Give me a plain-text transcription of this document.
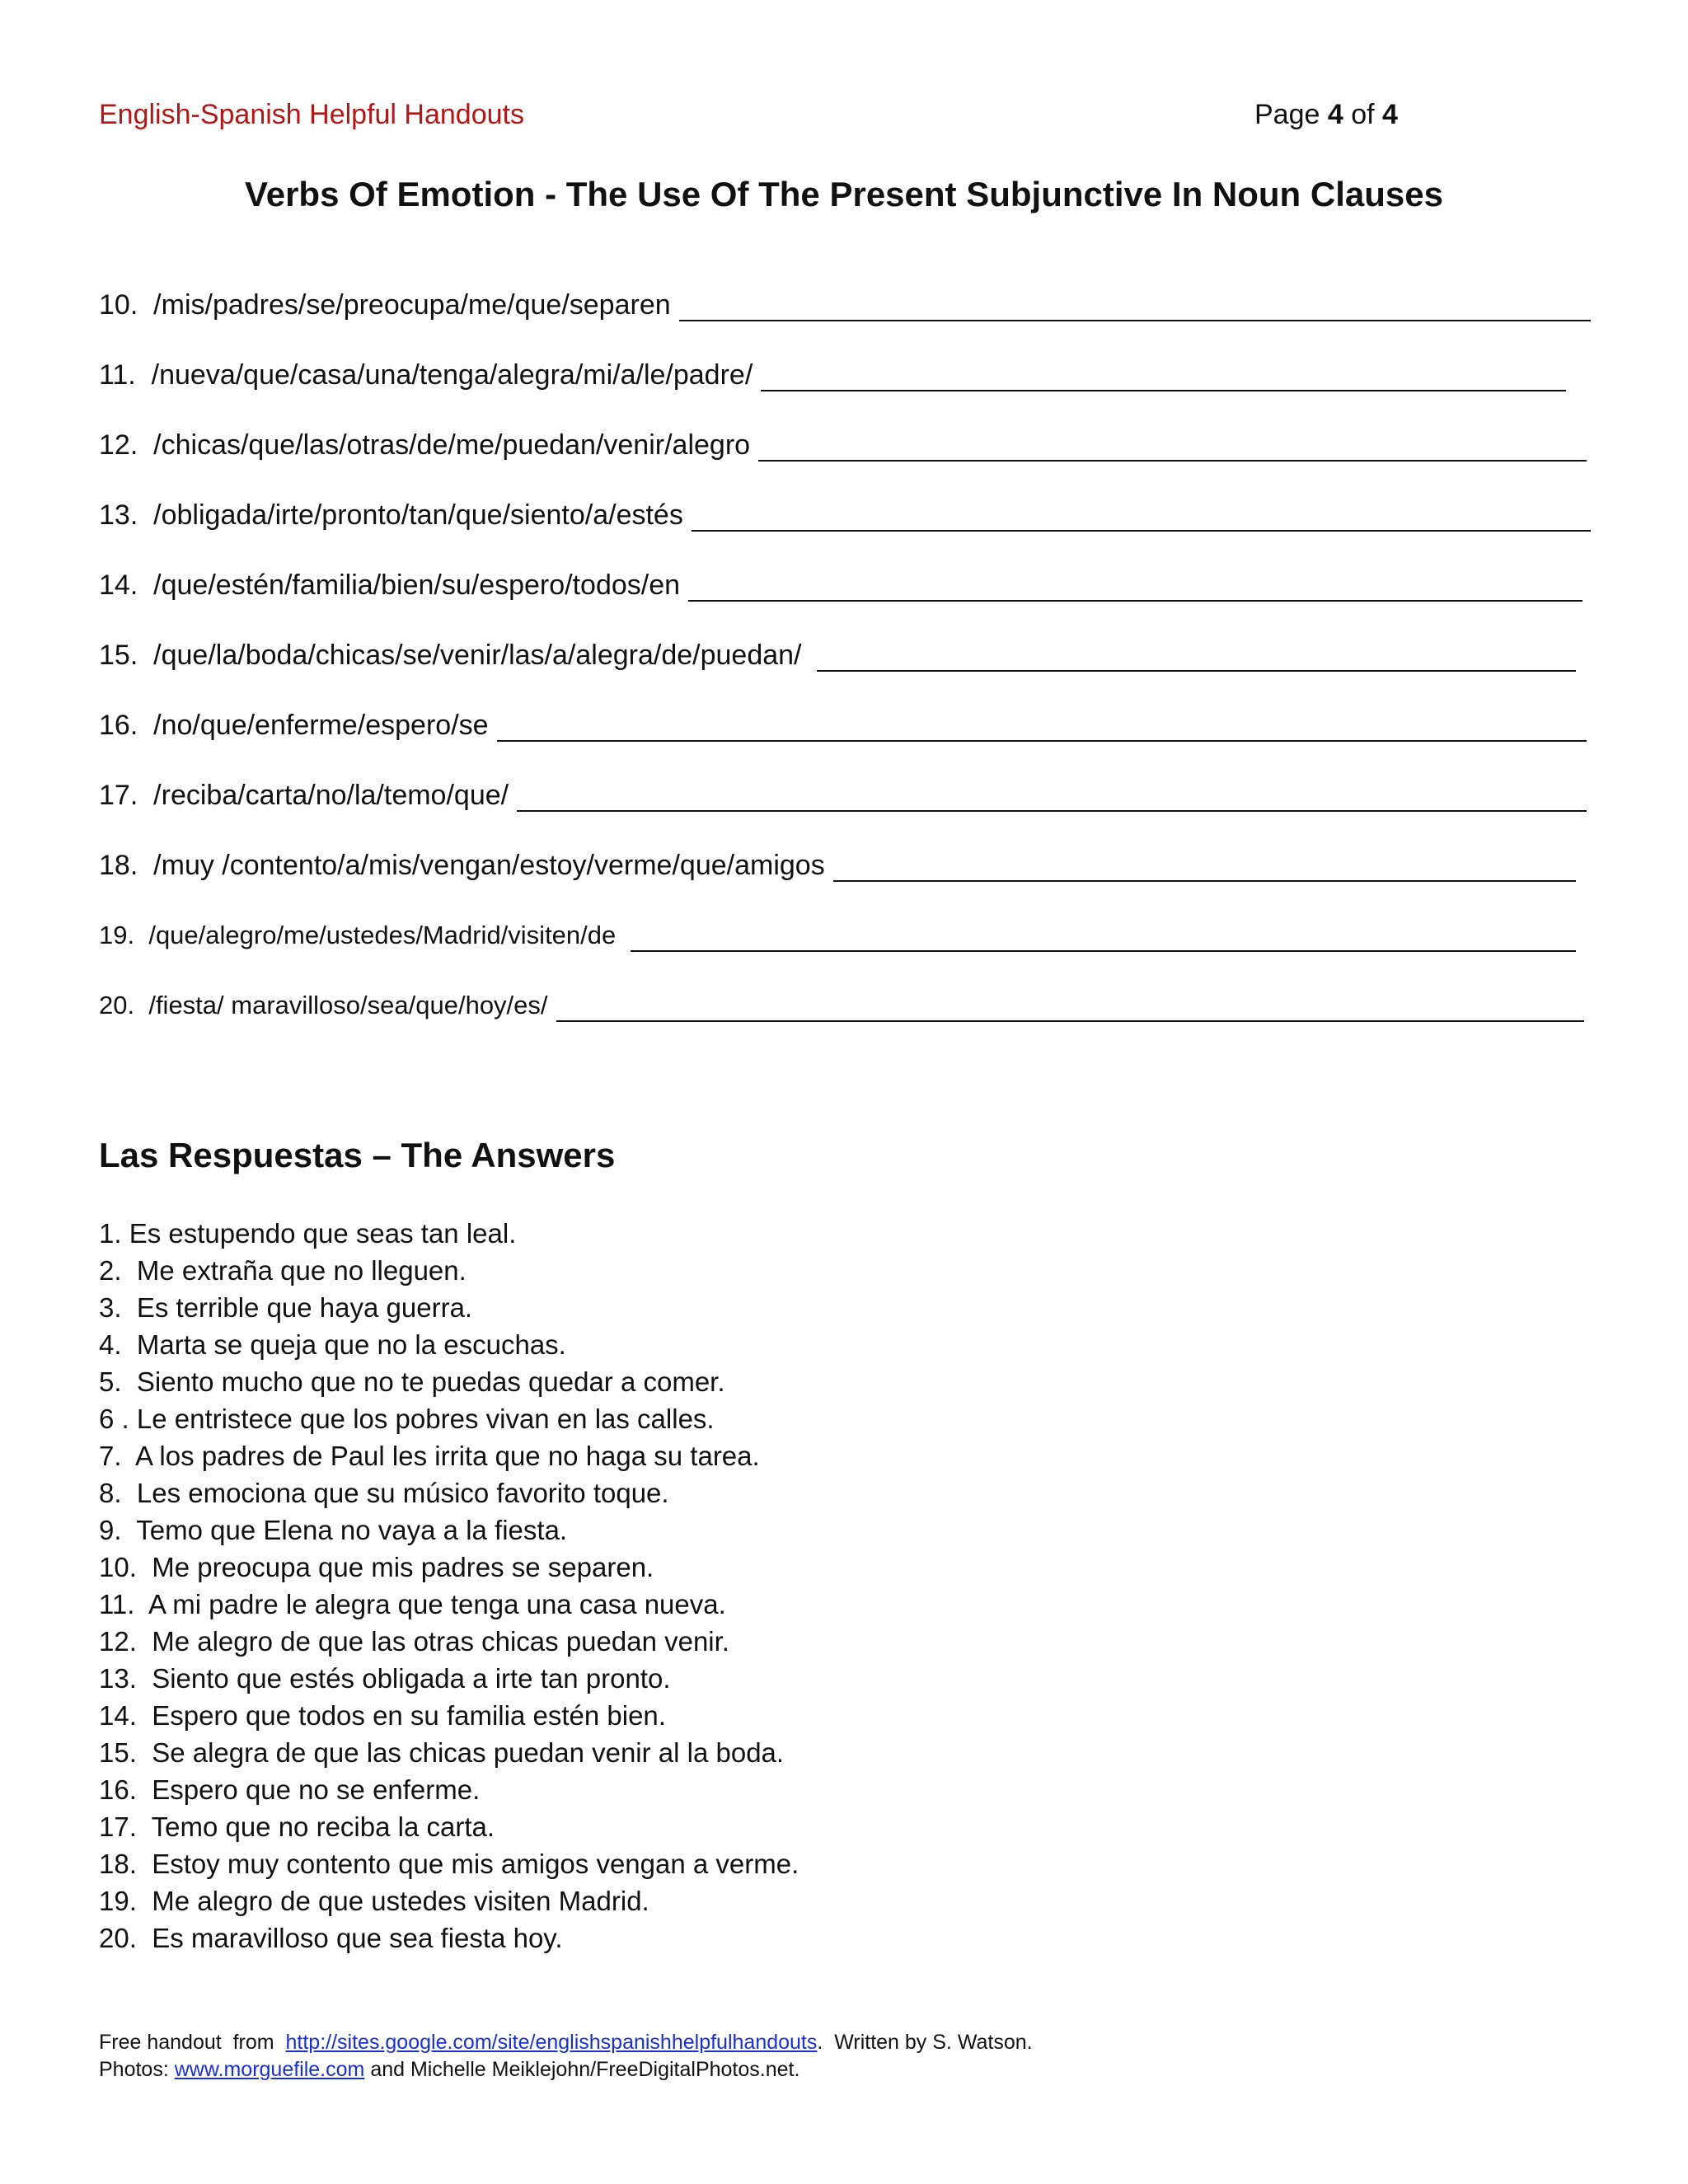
English-Spanish Helpful Handouts	Page 4 of 4
Verbs Of Emotion - The Use Of The Present Subjunctive In Noun Clauses
10. /mis/padres/se/preocupa/me/que/separen
11. /nueva/que/casa/una/tenga/alegra/mi/a/le/padre/
12. /chicas/que/las/otras/de/me/puedan/venir/alegro
13. /obligada/irte/pronto/tan/que/siento/a/estés
14. /que/estén/familia/bien/su/espero/todos/en
15. /que/la/boda/chicas/se/venir/las/a/alegra/de/puedan/
16. /no/que/enferme/espero/se
17. /reciba/carta/no/la/temo/que/
18. /muy /contento/a/mis/vengan/estoy/verme/que/amigos
19. /que/alegro/me/ustedes/Madrid/visiten/de
20. /fiesta/ maravilloso/sea/que/hoy/es/
Las Respuestas – The Answers
1. Es estupendo que seas tan leal.
2.  Me extraña que no lleguen.
3.  Es terrible que haya guerra.
4.  Marta se queja que no la escuchas.
5.  Siento mucho que no te puedas quedar a comer.
6 . Le entristece que los pobres vivan en las calles.
7.  A los padres de Paul les irrita que no haga su tarea.
8.  Les emociona que su músico favorito toque.
9.  Temo que Elena no vaya a la fiesta.
10.  Me preocupa que mis padres se separen.
11.  A mi padre le alegra que tenga una casa nueva.
12.  Me alegro de que las otras chicas puedan venir.
13.  Siento que estés obligada a irte tan pronto.
14.  Espero que todos en su familia estén bien.
15.  Se alegra de que las chicas puedan venir al la boda.
16.  Espero que no se enferme.
17.  Temo que no reciba la carta.
18.  Estoy muy contento que mis amigos vengan a verme.
19.  Me alegro de que ustedes visiten Madrid.
20.  Es maravilloso que sea fiesta hoy.
Free handout  from  http://sites.google.com/site/englishspanishhelpfulhandouts.  Written by S. Watson.
Photos: www.morguefile.com and Michelle Meiklejohn/FreeDigitalPhotos.net.
